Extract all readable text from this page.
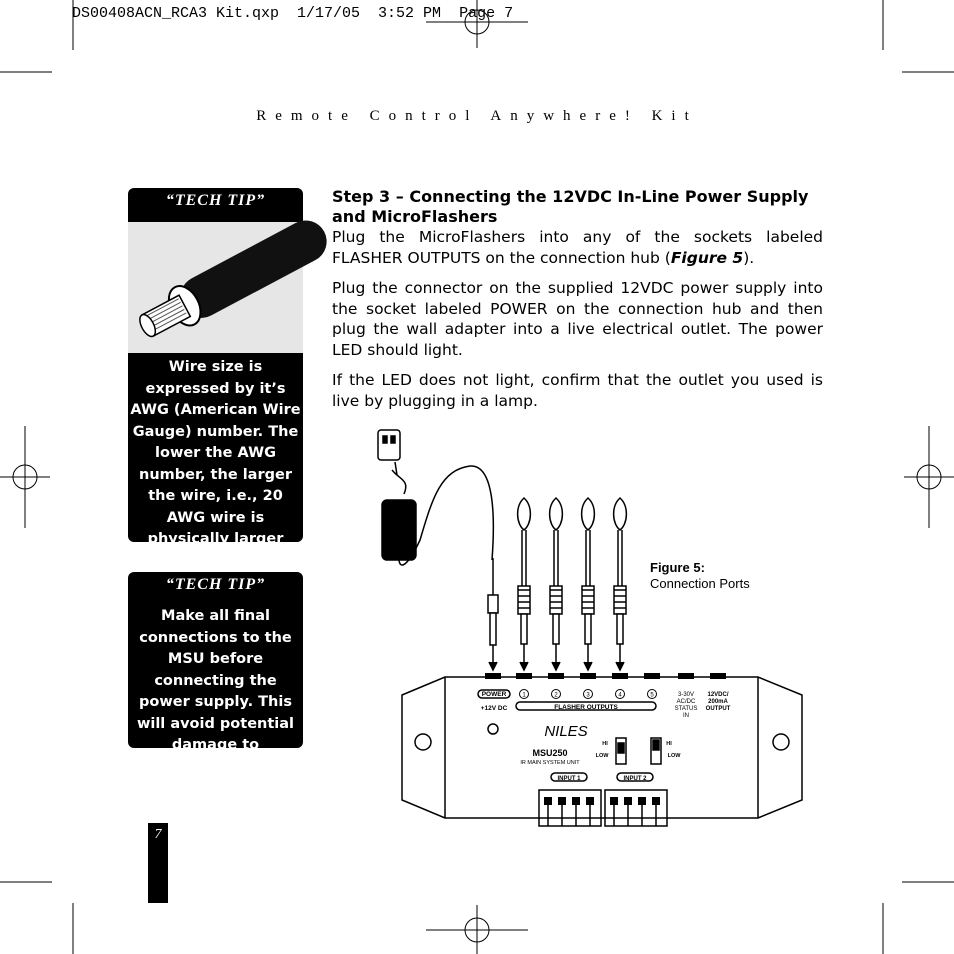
DS00408ACN_RCA3 Kit.qxp  1/17/05  3:52 PM  Page 7
Remote Control Anywhere! Kit
“TECH TIP”
Wire size is expressed by it’s AWG (American Wire Gauge) number. The lower the AWG number, the larger the wire, i.e., 20 AWG wire is physically larger than 22 AWG.
“TECH TIP”
Make all final connections to the MSU before connecting the power supply. This will avoid potential damage to components.
Step 3 – Connecting the 12VDC In-Line Power Supply and MicroFlashers

Plug the MicroFlashers into any of the sockets labeled FLASHER OUTPUTS on the connection hub (Figure 5).

Plug the connector on the supplied 12VDC power supply into the socket labeled POWER on the connection hub and then plug the wall adapter into a live electrical outlet. The power LED should light.

If the LED does not light, confirm that the outlet you used is live by plugging in a lamp.

Figure 5:
Connection Ports
POWER
+12V DC
1	2	3	4	5
FLASHER OUTPUTS
3-30V
AC/DC
STATUS
IN
12VDC/
200mA
OUTPUT
NILES
MSU250
IR MAIN SYSTEM UNIT
HI
LOW
HI
LOW
INPUT 1	INPUT 2
7
